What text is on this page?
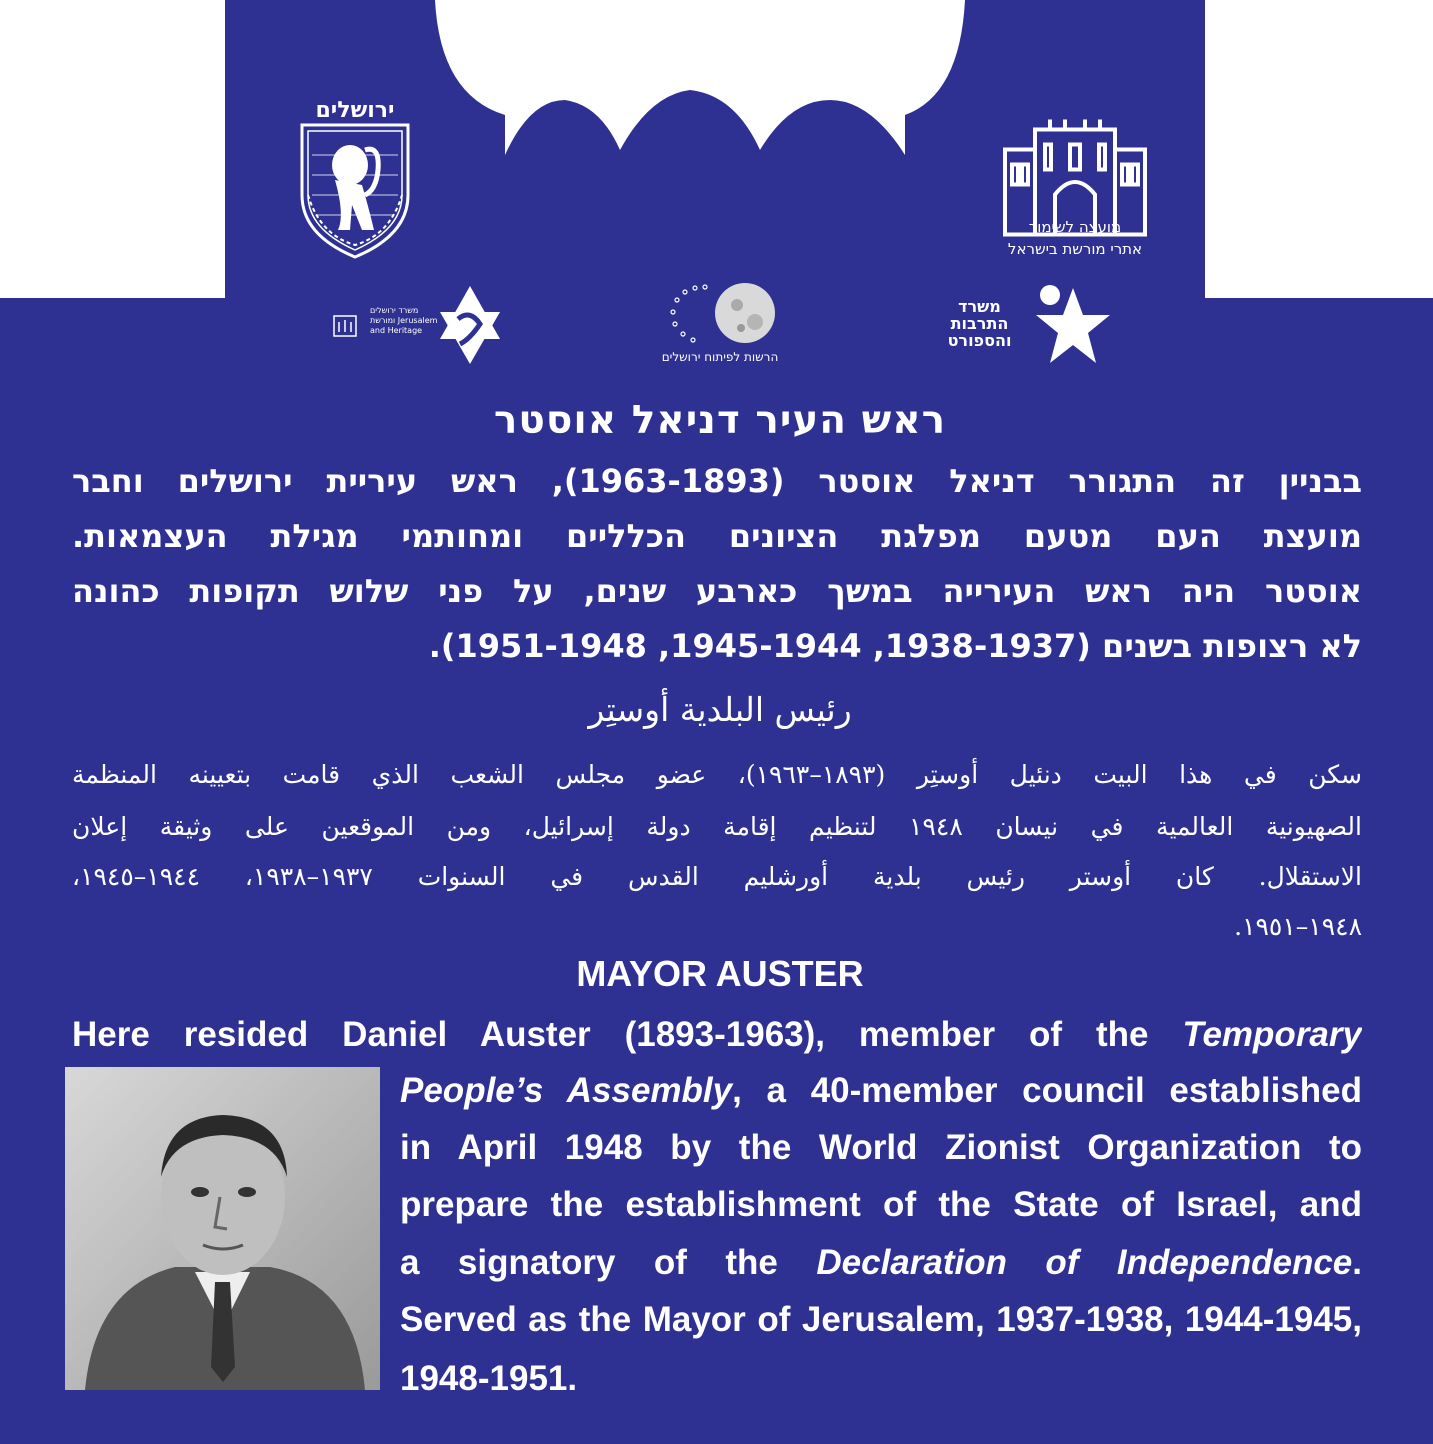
ירושלים
מועצה לשימור
אתרי מורשת בישראל
משרד ירושלים
ומורשת Jerusalem
and Heritage
הרשות לפיתוח ירושלים
משרד
התרבות
והספורט
ראש העיר דניאל אוסטר
בבניין זה התגורר דניאל אוסטר (1963-1893), ראש עיריית ירושלים וחבר
מועצת העם מטעם מפלגת הציונים הכלליים ומחותמי מגילת העצמאות.
אוסטר היה ראש העירייה במשך כארבע שנים, על פני שלוש תקופות כהונה
לא רצופות בשנים (1938-1937, 1945-1944, 1951-1948).
رئيس البلدية أوستِر
سكن في هذا البيت دنئيل أوستِر (١٨٩٣–١٩٦٣)، عضو مجلس الشعب الذي قامت بتعيينه المنظمة
الصهيونية العالمية في نيسان ١٩٤٨ لتنظيم إقامة دولة إسرائيل، ومن الموقعين على وثيقة إعلان
الاستقلال. كان أوستر رئيس بلدية أورشليم القدس في السنوات ١٩٣٧–١٩٣٨، ١٩٤٤–١٩٤٥،
١٩٤٨–١٩٥١.
MAYOR AUSTER
Here resided Daniel Auster (1893-1963), member of the Temporary
People’s Assembly, a 40-member council established
in April 1948 by the World Zionist Organization to
prepare the establishment of the State of Israel, and
a signatory of the Declaration of Independence.
Served as the Mayor of Jerusalem, 1937-1938, 1944-1945,
1948-1951.
